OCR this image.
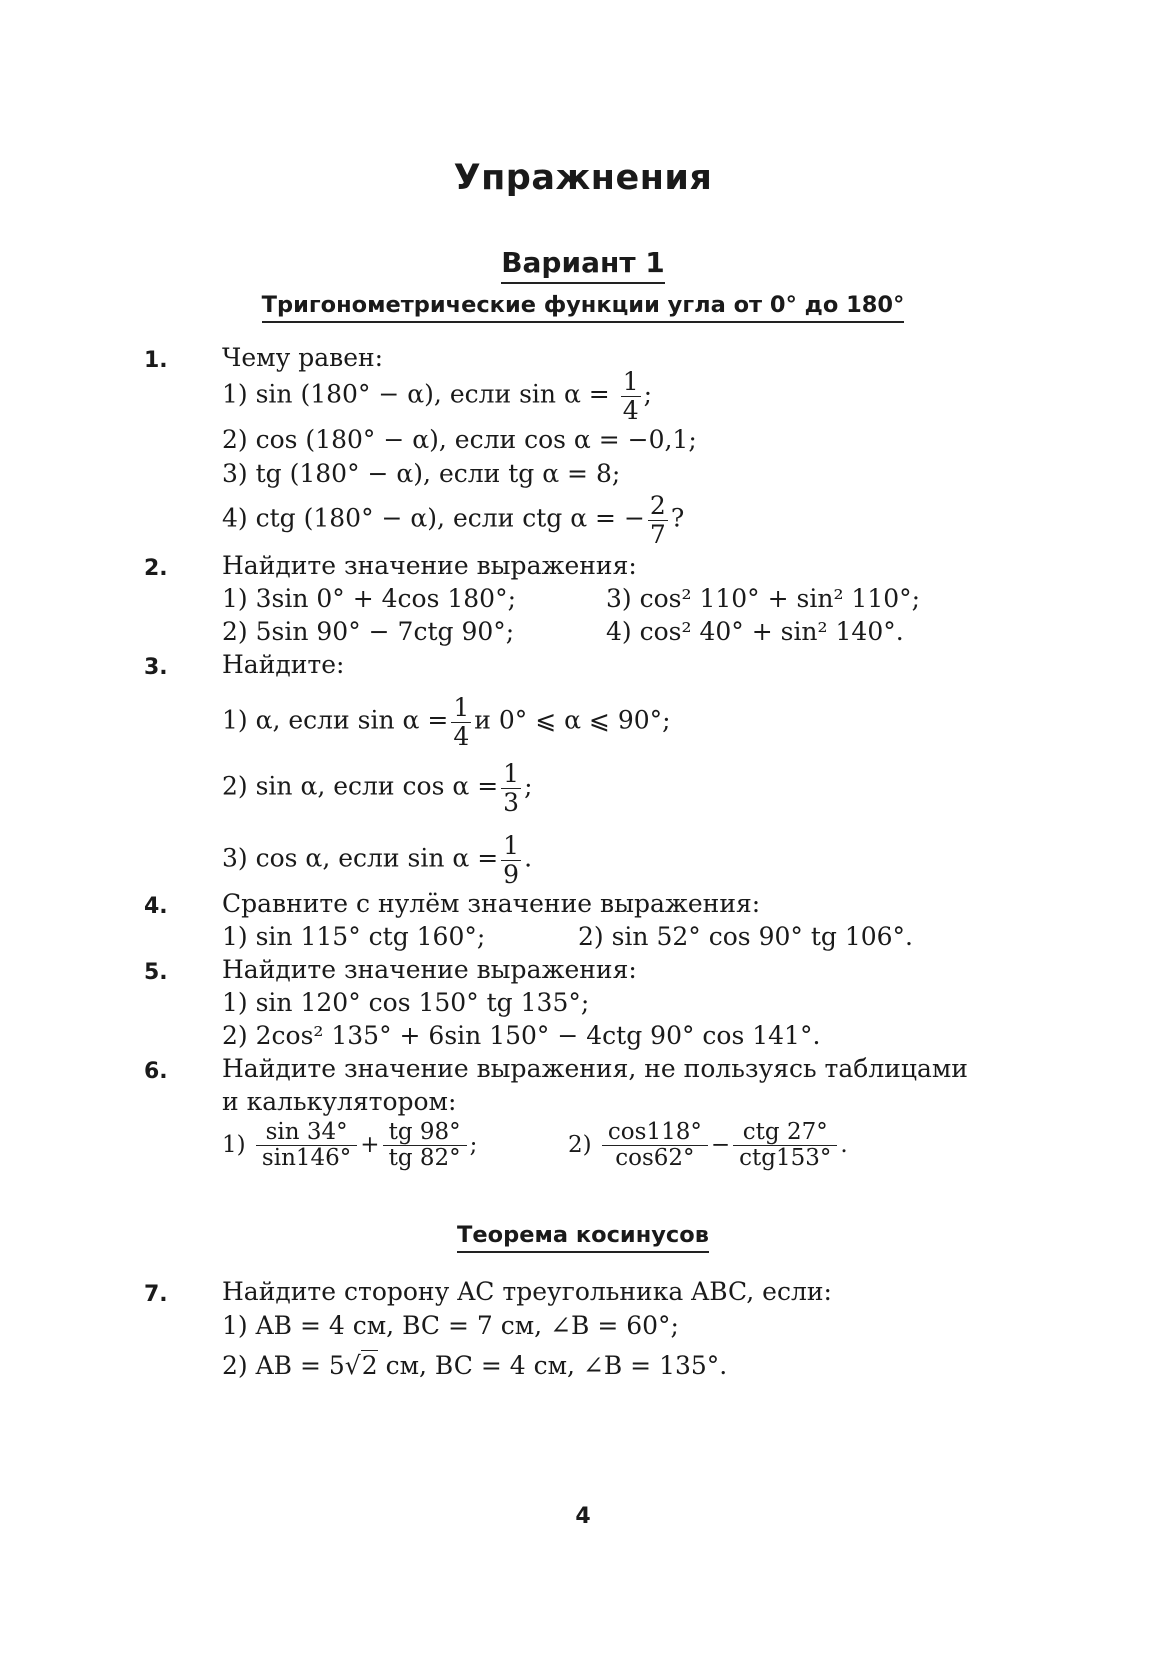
Упражнения
Вариант 1
Тригонометрические функции угла от 0° до 180°
1. Чему равен:
1) sin (180° − α), если $\sin \alpha = \frac{1}{4}$ ;
2) cos (180° − α), если cos α = −0,1;
3) tg (180° − α), если tg α = 8;
4) ctg (180° − α), если ctg α = − $\frac{2}{7}$ ?
2. Найдите значение выражения:
1) 3sin 0° + 4cos 180°;	3) cos² 110° + sin² 110°;
2) 5sin 90° − 7ctg 90°;	4) cos² 40° + sin² 140°.
3. Найдите:
1) α, если $\sin \alpha = \frac{1}{4}$ и 0° ⩽ α ⩽ 90°;
2) sin α, если $\cos \alpha = \frac{1}{3}$ ;
3) cos α, если $\sin \alpha = \frac{1}{9}$ .
4. Сравните с нулём значение выражения:
1) sin 115° ctg 160°;	2) sin 52° cos 90° tg 106°.
5. Найдите значение выражения:
1) sin 120° cos 150° tg 135°;
2) 2cos² 135° + 6sin 150° − 4ctg 90° cos 141°.
6. Найдите значение выражения, не пользуясь таблицами
и калькулятором:
$1) \frac{\sin 34^\circ}{\sin 146^\circ} + \frac{tg 98^\circ}{tg 82^\circ}$ ;	$2) \frac{\cos 118^\circ}{\cos 62^\circ} - \frac{\text{ctg 27°}}{\text{ctg153°}}$ .
Теорема косинусов
7. Найдите сторону AC треугольника ABC, если:
1) AB = 4 см, BC = 7 см, ∠B = 60°;
2) AB = 5√2 см, BC = 4 см, ∠B = 135°.
4
